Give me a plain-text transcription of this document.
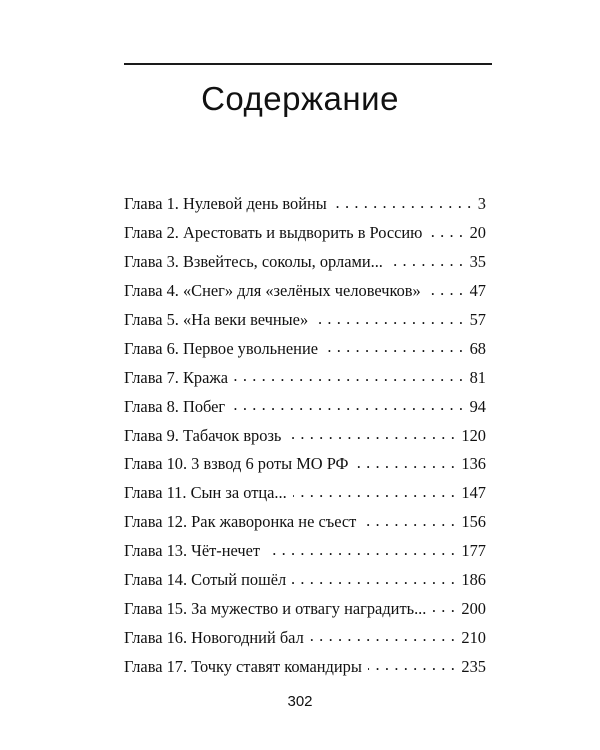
Содержание
Глава 1. Нулевой день войны . . .	3
Глава 2. Арестовать и выдворить в Россию . . .	20
Глава 3. Взвейтесь, соколы, орлами... . . .	35
Глава 4. «Снег» для «зелёных человечков» . . .	47
Глава 5. «На веки вечные» . . .	57
Глава 6. Первое увольнение . . .	68
Глава 7. Кража . . .	81
Глава 8. Побег . . .	94
Глава 9. Табачок врозь . . .	120
Глава 10. 3 взвод 6 роты МО РФ . . .	136
Глава 11. Сын за отца... . . .	147
Глава 12. Рак жаворонка не съест . . .	156
Глава 13. Чёт-нечет . . .	177
Глава 14. Сотый пошёл . . .	186
Глава 15. За мужество и отвагу наградить... . . . 200
Глава 16. Новогодний бал . . .	210
Глава 17. Точку ставят командиры . . .	235
302
